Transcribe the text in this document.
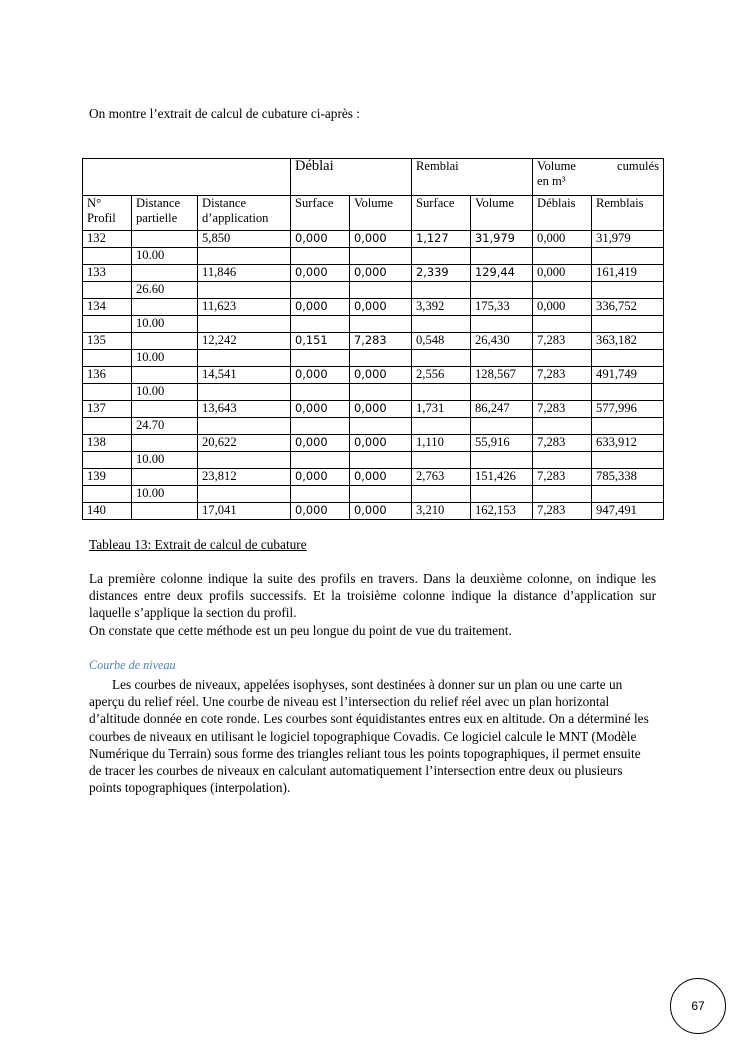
On montre l’extrait de calcul de cubature ci-après :
			Déblai		Remblai		Volume cumulés
en m³	

N° Profil	Distance partielle	Distance d’application	Surface	Volume	Surface	Volume	Déblais	Remblais
132		5,850	0,000	0,000	1,127	31,979	0,000	31,979
	10.00							
133		11,846	0,000	0,000	2,339	129,44	0,000	161,419
	26.60							
134		11,623	0,000	0,000	3,392	175,33	0,000	336,752
	10.00							
135		12,242	0,151	7,283	0,548	26,430	7,283	363,182
	10.00							
136		14,541	0,000	0,000	2,556	128,567	7,283	491,749
	10.00							
137		13,643	0,000	0,000	1,731	86,247	7,283	577,996
	24.70							
138		20,622	0,000	0,000	1,110	55,916	7,283	633,912
	10.00							
139		23,812	0,000	0,000	2,763	151,426	7,283	785,338
	10.00							
140		17,041	0,000	0,000	3,210	162,153	7,283	947,491
Tableau 13: Extrait de calcul de cubature

La première colonne indique la suite des profils en travers. Dans la deuxième colonne, on indique les distances entre deux profils successifs. Et la troisième colonne indique la distance d’application sur laquelle s’applique la section du profil.

On constate que cette méthode est un peu longue du point de vue du traitement.

Courbe de niveau

Les courbes de niveaux, appelées isophyses, sont destinées à donner sur un plan ou une carte un aperçu du relief réel. Une courbe de niveau est l’intersection du relief réel avec un plan horizontal d’altitude donnée en cote ronde. Les courbes sont équidistantes entres eux en altitude. On a déterminé les courbes de niveaux en utilisant le logiciel topographique Covadis. Ce logiciel calcule le MNT (Modèle Numérique du Terrain) sous forme des triangles reliant tous les points topographiques, il permet ensuite de tracer les courbes de niveaux en calculant automatiquement l’intersection entre deux ou plusieurs points topographiques (interpolation).

67
